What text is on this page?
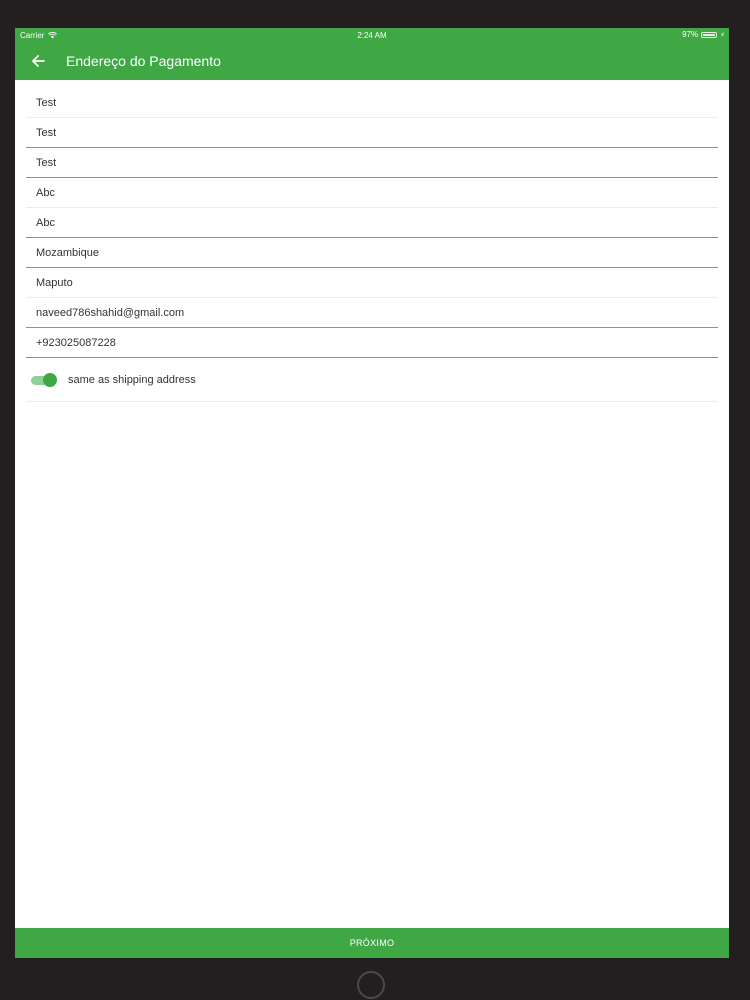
Carrier	2:24 AM	97%	⚡
Endereço do Pagamento
Test
Test
Test
Abc
Abc
Mozambique
Maputo
naveed786shahid@gmail.com
+923025087228
same as shipping address
PRÓXIMO
